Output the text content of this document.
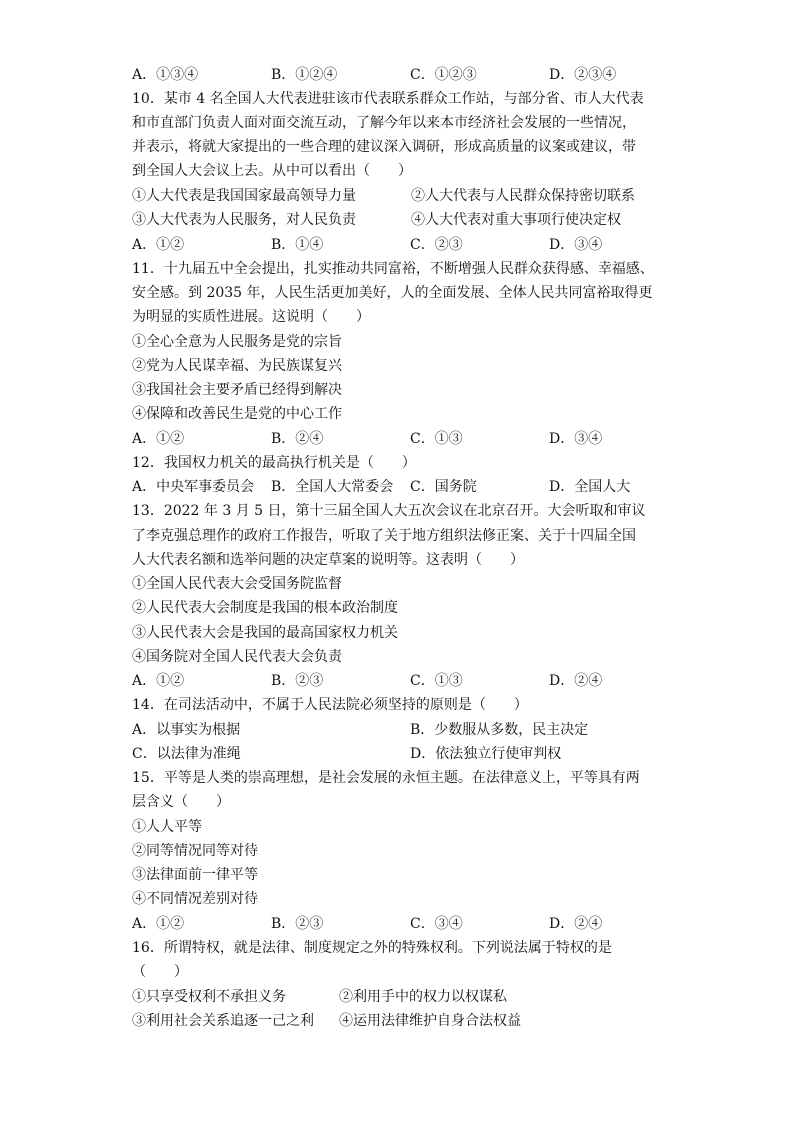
A．①③④	B．①②④	C．①②③	D．②③④
10．某市 4 名全国人大代表进驻该市代表联系群众工作站，与部分省、市人大代表
和市直部门负责人面对面交流互动，了解今年以来本市经济社会发展的一些情况，
并表示，将就大家提出的一些合理的建议深入调研，形成高质量的议案或建议，带
到全国人大会议上去。从中可以看出（　　）
①人大代表是我国国家最高领导力量	②人大代表与人民群众保持密切联系
③人大代表为人民服务，对人民负责	④人大代表对重大事项行使决定权
A．①②	B．①④	C．②③	D．③④
11．十九届五中全会提出，扎实推动共同富裕，不断增强人民群众获得感、幸福感、
安全感。到 2035 年，人民生活更加美好，人的全面发展、全体人民共同富裕取得更
为明显的实质性进展。这说明（　　）
①全心全意为人民服务是党的宗旨
②党为人民谋幸福、为民族谋复兴
③我国社会主要矛盾已经得到解决
④保障和改善民生是党的中心工作
A．①②	B．②④	C．①③	D．③④
12．我国权力机关的最高执行机关是（　　）
A．中央军事委员会 B．全国人大常委会 C．国务院	D．全国人大
13．2022 年 3 月 5 日，第十三届全国人大五次会议在北京召开。大会听取和审议
了李克强总理作的政府工作报告，听取了关于地方组织法修正案、关于十四届全国
人大代表名额和选举问题的决定草案的说明等。这表明（　　）
①全国人民代表大会受国务院监督
②人民代表大会制度是我国的根本政治制度
③人民代表大会是我国的最高国家权力机关
④国务院对全国人民代表大会负责
A．①②	B．②③	C．①③	D．②④
14．在司法活动中，不属于人民法院必须坚持的原则是（　　）
A．以事实为根据	B．少数服从多数，民主决定
C．以法律为准绳	D．依法独立行使审判权
15．平等是人类的崇高理想，是社会发展的永恒主题。在法律意义上，平等具有两
层含义（　　）
①人人平等
②同等情况同等对待
③法律面前一律平等
④不同情况差别对待
A．①②	B．②③	C．③④	D．②④
16．所谓特权，就是法律、制度规定之外的特殊权利。下列说法属于特权的是
（　　）
①只享受权利不承担义务	②利用手中的权力以权谋私
③利用社会关系追逐一己之利 ④运用法律维护自身合法权益
